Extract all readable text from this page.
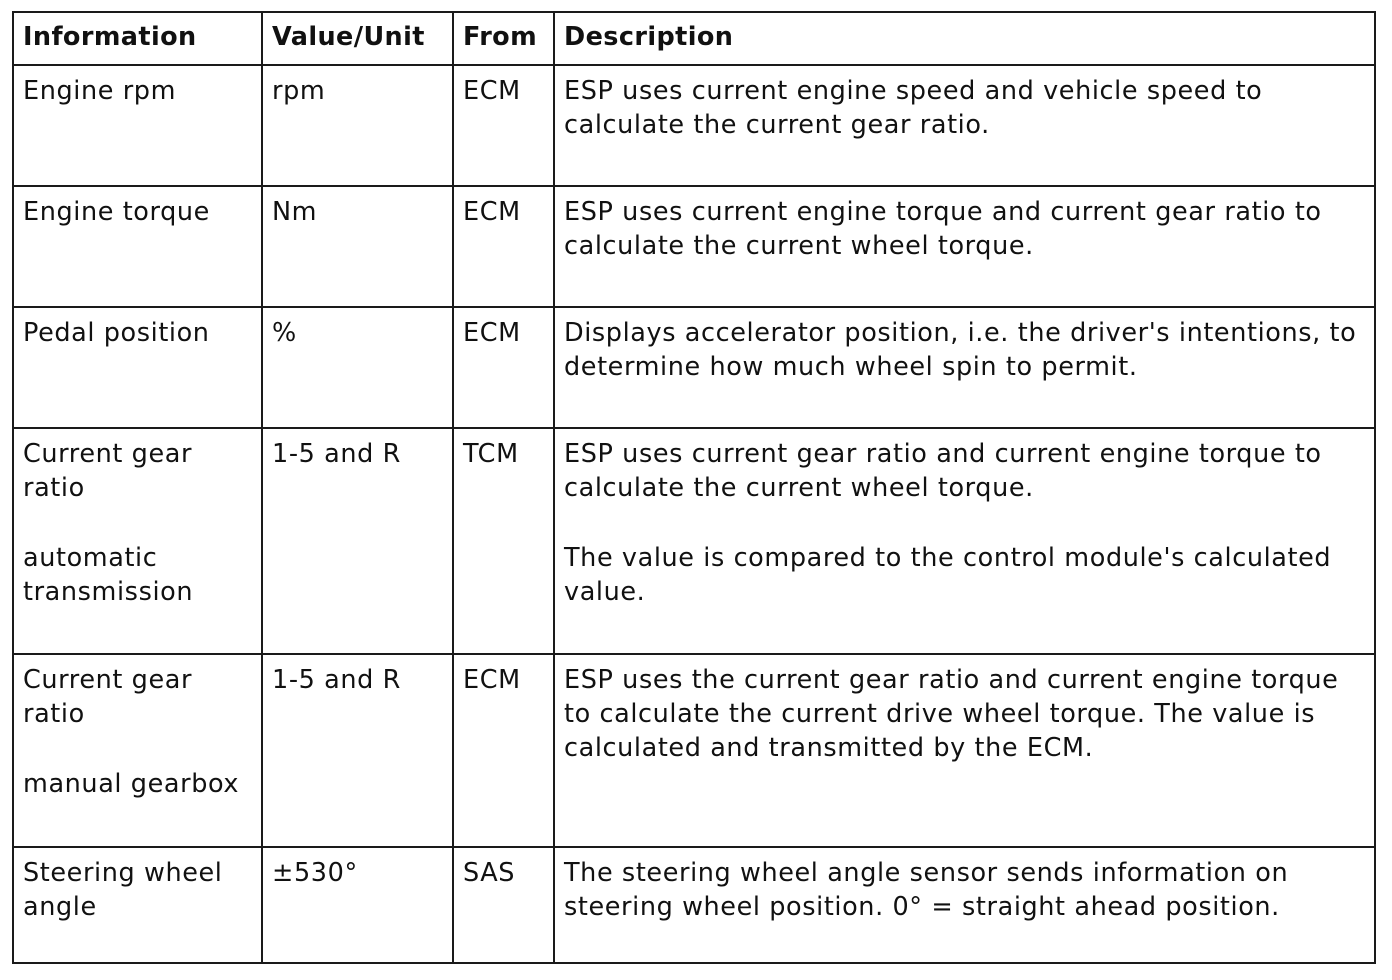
Information	Value/Unit	From	Description

Engine rpm	rpm	ECM	ESP uses current engine speed and vehicle speed to calculate the current gear ratio.

Engine torque	Nm	ECM	ESP uses current engine torque and current gear ratio to calculate the current wheel torque.

Pedal position	%	ECM	Displays accelerator position, i.e. the driver's intentions, to determine how much wheel spin to permit.

Current gear ratio
automatic transmission	1-5 and R	TCM	ESP uses current gear ratio and current engine torque to calculate the current wheel torque.
The value is compared to the control module's calculated value.

Current gear ratio
manual gearbox	1-5 and R	ECM	ESP uses the current gear ratio and current engine torque to calculate the current drive wheel torque. The value is calculated and transmitted by the ECM.

Steering wheel angle	±530°	SAS	The steering wheel angle sensor sends information on steering wheel position. 0° = straight ahead position.
